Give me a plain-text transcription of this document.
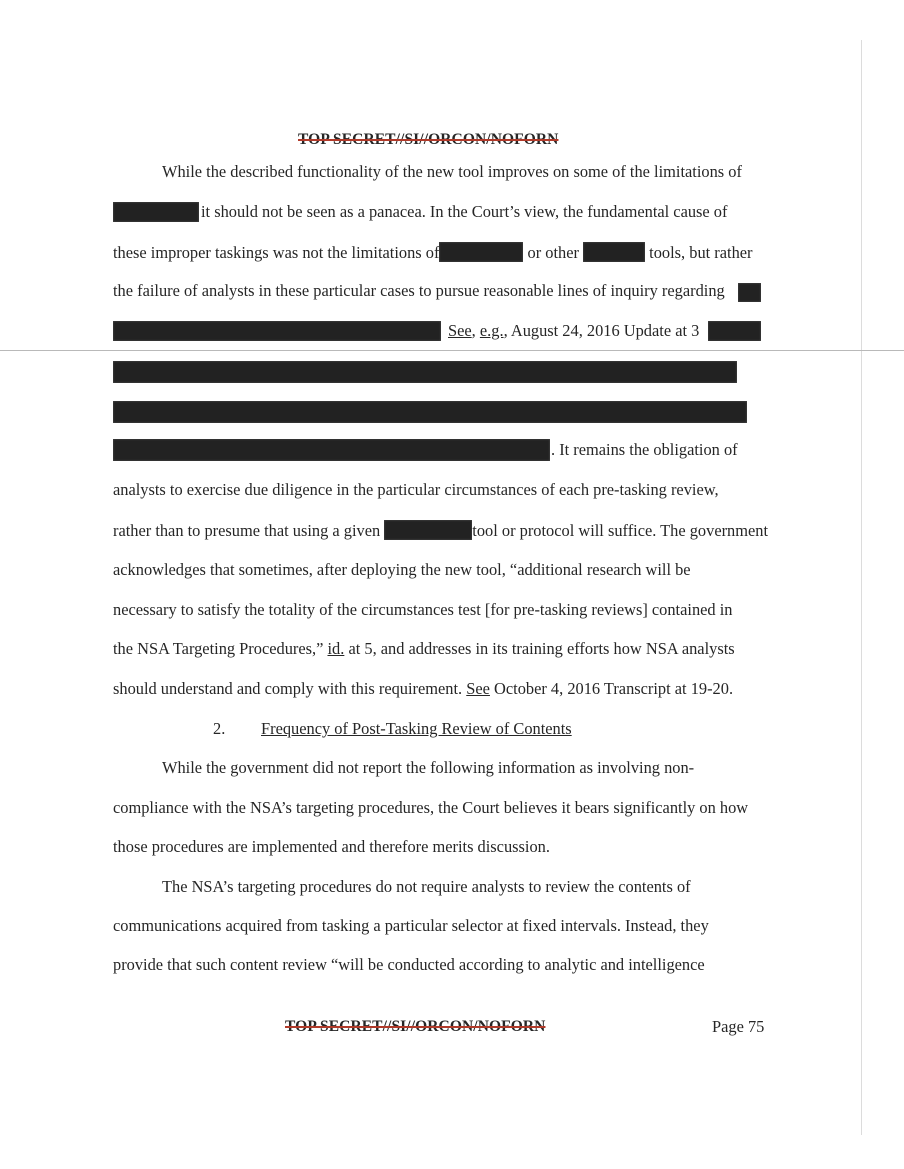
TOP SECRET//SI//ORCON/NOFORN
While the described functionality of the new tool improves on some of the limitations of
it should not be seen as a panacea. In the Court’s view, the fundamental cause of
these improper taskings was not the limitations of	or other	tools, but rather
the failure of analysts in these particular cases to pursue reasonable lines of inquiry regarding
See, e.g., August 24, 2016 Update at 3
. It remains the obligation of
analysts to exercise due diligence in the particular circumstances of each pre-tasking review,
rather than to presume that using a given	tool or protocol will suffice. The government
acknowledges that sometimes, after deploying the new tool, “additional research will be
necessary to satisfy the totality of the circumstances test [for pre-tasking reviews] contained in
the NSA Targeting Procedures,” id. at 5, and addresses in its training efforts how NSA analysts
should understand and comply with this requirement. See October 4, 2016 Transcript at 19-20.
2. Frequency of Post-Tasking Review of Contents
While the government did not report the following information as involving non-
compliance with the NSA’s targeting procedures, the Court believes it bears significantly on how
those procedures are implemented and therefore merits discussion.
The NSA’s targeting procedures do not require analysts to review the contents of
communications acquired from tasking a particular selector at fixed intervals. Instead, they
provide that such content review “will be conducted according to analytic and intelligence
TOP SECRET//SI//ORCON/NOFORN	Page 75
